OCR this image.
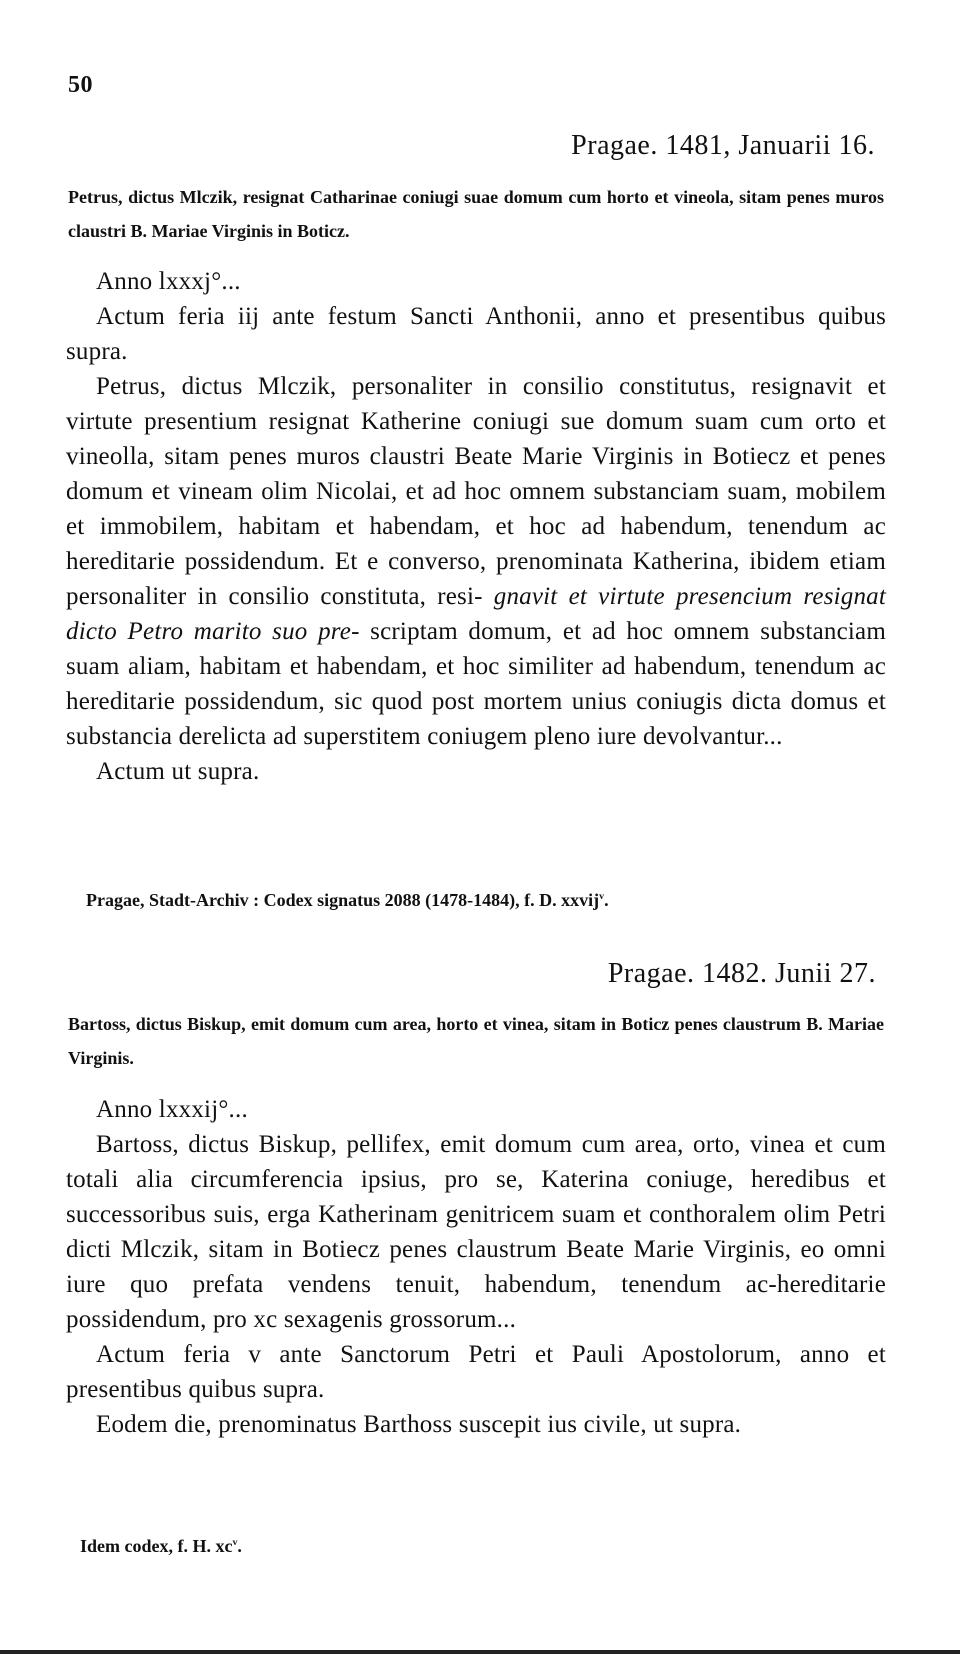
50
Pragae. 1481, Januarii 16.
Petrus, dictus Mlczik, resignat Catharinae coniugi suae domum cum horto et vineola, sitam penes muros claustri B. Mariae Virginis in Boticz.

Anno lxxxj°...

Actum feria iij ante festum Sancti Anthonii, anno et presentibus quibus supra.

Petrus, dictus Mlczik, personaliter in consilio constitutus, resignavit et virtute presentium resignat Katherine coniugi sue domum suam cum orto et vineolla, sitam penes muros claustri Beate Marie Virginis in Botiecz et penes domum et vineam olim Nicolai, et ad hoc omnem substanciam suam, mobilem et immobilem, habitam et habendam, et hoc ad habendum, tenendum ac hereditarie possidendum. Et e converso, prenominata Katherina, ibidem etiam personaliter in consilio constituta, resi- gnavit et virtute presencium resignat dicto Petro marito suo pre- scriptam domum, et ad hoc omnem substanciam suam aliam, habitam et habendam, et hoc similiter ad habendum, tenendum ac hereditarie possidendum, sic quod post mortem unius coniugis dicta domus et substancia derelicta ad superstitem coniugem pleno iure devolvantur...

Actum ut supra.

Pragae, Stadt-Archiv : Codex signatus 2088 (1478-1484), f. D. xxvij$^v$.
Pragae. 1482. Junii 27.
Bartoss, dictus Biskup, emit domum cum area, horto et vinea, sitam in Boticz penes claustrum B. Mariae Virginis.

Anno lxxxij°...

Bartoss, dictus Biskup, pellifex, emit domum cum area, orto, vinea et cum totali alia circumferencia ipsius, pro se, Katerina coniuge, heredibus et successoribus suis, erga Katherinam genitricem suam et conthoralem olim Petri dicti Mlczik, sitam in Botiecz penes claustrum Beate Marie Virginis, eo omni iure quo prefata vendens tenuit, habendum, tenendum ac-hereditarie possidendum, pro xc sexagenis grossorum...

Actum feria v ante Sanctorum Petri et Pauli Apostolorum, anno et presentibus quibus supra.

Eodem die, prenominatus Barthoss suscepit ius civile, ut supra.

Idem codex, f. H. $xc^v$.
